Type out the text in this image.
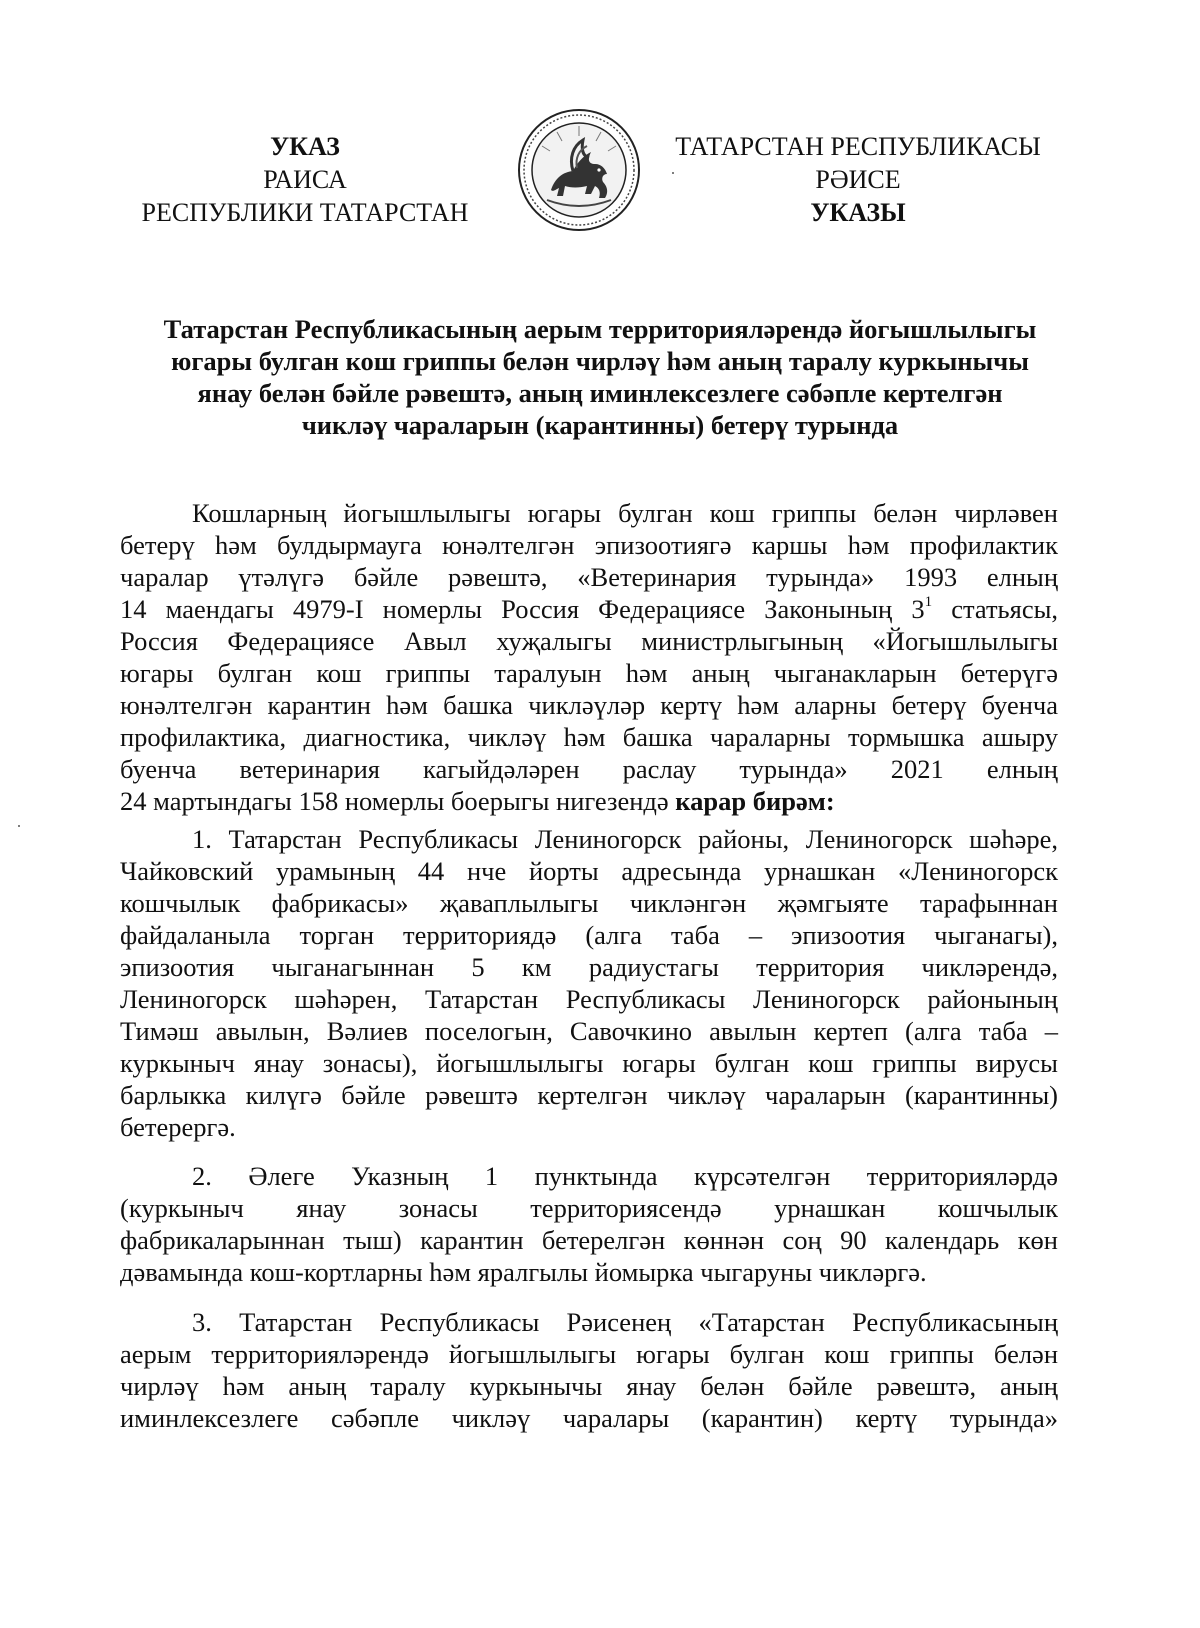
УКАЗ
РАИСА
РЕСПУБЛИКИ ТАТАРСТАН
ТАТАРСТАН РЕСПУБЛИКАСЫ
РӘИСЕ
УКАЗЫ
Татарстан Республикасының аерым территорияләрендә йогышлылыгы
югары булган кош гриппы белән чирләү һәм аның таралу куркынычы
янау белән бәйле рәвештә, аның иминлексезлеге сәбәпле кертелгән
чикләү чараларын (карантинны) бетерү турында
Кошларның йогышлылыгы югары булган кош гриппы белән чирләвен
бетерү һәм булдырмауга юнәлтелгән эпизоотиягә каршы һәм профилактик
чаралар үтәлүгә бәйле рәвештә, «Ветеринария турында» 1993 елның
14 маендагы 4979-I номерлы Россия Федерациясе Законының $3^1$ статьясы,
Россия Федерациясе Авыл хуҗалыгы министрлыгының «Йогышлылыгы
югары булган кош гриппы таралуын һәм аның чыганакларын бетерүгә
юнәлтелгән карантин һәм башка чикләүләр кертү һәм аларны бетерү буенча
профилактика, диагностика, чикләү һәм башка чараларны тормышка ашыру
буенча ветеринария кагыйдәләрен раслау турында» 2021 елның
24 мартындагы 158 номерлы боерыгы нигезендә карар бирәм:
1. Татарстан Республикасы Лениногорск районы, Лениногорск шәһәре,
Чайковский урамының 44 нче йорты адресында урнашкан «Лениногорск
кошчылык фабрикасы» җаваплылыгы чикләнгән җәмгыяте тарафыннан
файдаланыла торган территориядә (алга таба – эпизоотия чыганагы),
эпизоотия чыганагыннан 5 км радиустагы территория чикләрендә,
Лениногорск шәһәрен, Татарстан Республикасы Лениногорск районының
Тимәш авылын, Вәлиев поселогын, Савочкино авылын кертеп (алга таба –
куркыныч янау зонасы), йогышлылыгы югары булган кош гриппы вирусы
барлыкка килүгә бәйле рәвештә кертелгән чикләү чараларын (карантинны)
бетерергә.
2. Әлеге Указның 1 пунктында күрсәтелгән территорияләрдә
(куркыныч янау зонасы территориясендә урнашкан кошчылык
фабрикаларыннан тыш) карантин бетерелгән көннән соң 90 календарь көн
дәвамында кош-кортларны һәм яралгылы йомырка чыгаруны чикләргә.
3. Татарстан Республикасы Рәисенең «Татарстан Республикасының
аерым территорияләрендә йогышлылыгы югары булган кош гриппы белән
чирләү һәм аның таралу куркынычы янау белән бәйле рәвештә, аның
иминлексезлеге сәбәпле чикләү чаралары (карантин) кертү турында»
